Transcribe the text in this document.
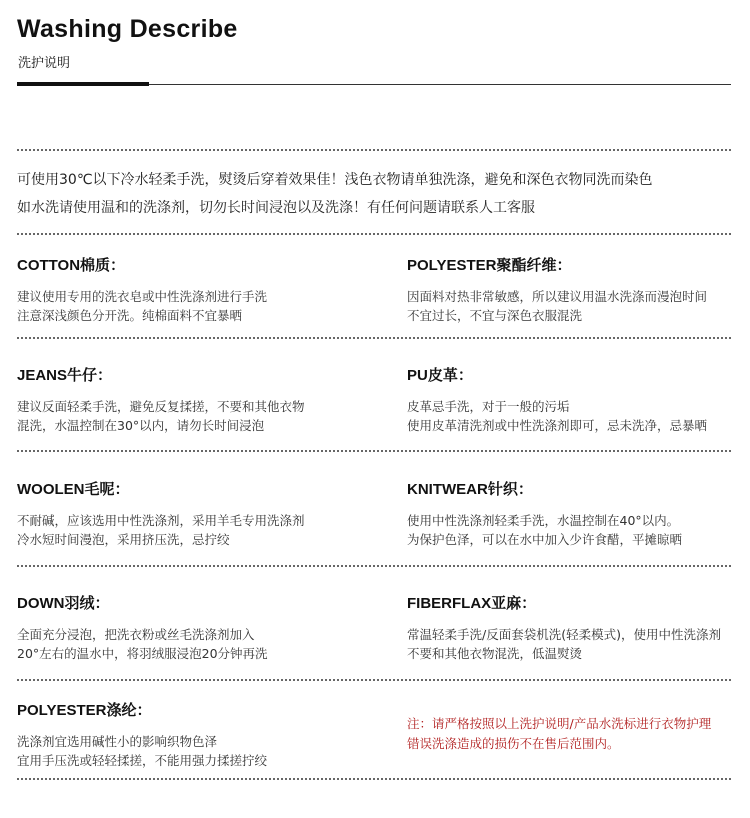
Washing Describe
洗护说明
可使用30℃以下冷水轻柔手洗，熨烫后穿着效果佳！浅色衣物请单独洗涤，避免和深色衣物同洗而染色
如水洗请使用温和的洗涤剂，切勿长时间浸泡以及洗涤！有任何问题请联系人工客服
COTTON棉质：
建议使用专用的洗衣皂或中性洗涤剂进行手洗
注意深浅颜色分开洗。纯棉面料不宜暴晒
POLYESTER聚酯纤维：
因面料对热非常敏感，所以建议用温水洗涤而漫泡时间
不宜过长，不宜与深色衣服混洗
JEANS牛仔：
建议反面轻柔手洗，避免反复揉搓，不要和其他衣物
混洗，水温控制在30°以内，请勿长时间浸泡
PU皮革：
皮革忌手洗，对于一般的污垢
使用皮革清洗剂或中性洗涤剂即可，忌未洗净，忌暴晒
WOOLEN毛呢：
不耐碱，应该选用中性洗涤剂，采用羊毛专用洗涤剂
冷水短时间漫泡，采用挤压洗，忌拧绞
KNITWEAR针织：
使用中性洗涤剂轻柔手洗，水温控制在40°以内。
为保护色泽，可以在水中加入少许食醋，平摊晾晒
DOWN羽绒：
全面充分浸泡，把洗衣粉或丝毛洗涤剂加入
20°左右的温水中，将羽绒服浸泡20分钟再洗
FIBERFLAX亚麻：
常温轻柔手洗/反面套袋机洗(轻柔模式)，使用中性洗涤剂
不要和其他衣物混洗，低温熨烫
POLYESTER涤纶：
洗涤剂宜选用碱性小的影响织物色泽
宜用手压洗或轻轻揉搓，不能用强力揉搓拧绞
注：请严格按照以上洗护说明/产品水洗标进行衣物护理
错误洗涤造成的损伤不在售后范围内。
